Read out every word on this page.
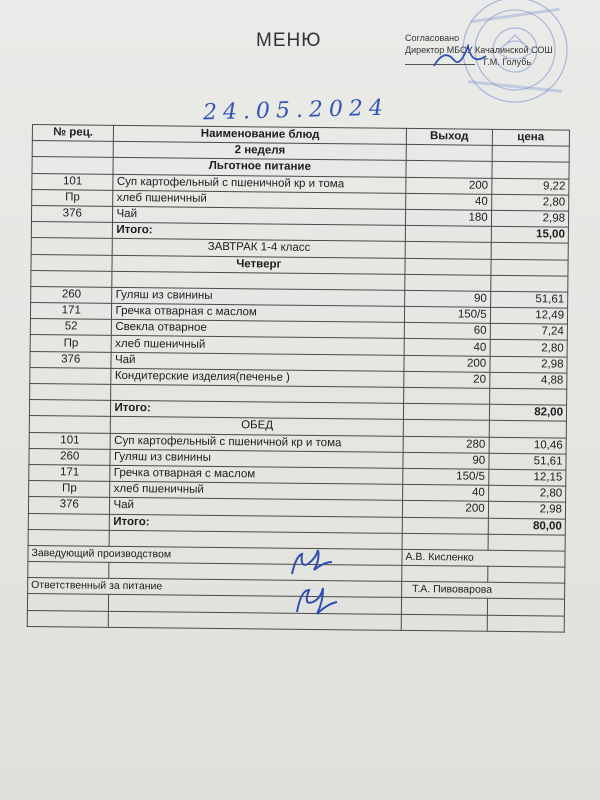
МЕНЮ	Согласовано
Директор МБОУ Качалинской СОШ
Г.М. Голубь
24.05.2024
№ рец.	Наименование блюд	Выход	цена
	2 неделя		
	Льготное питание		
101	Суп картофельный с пшеничной кр и тома	200	9,22
Пр	хлеб пшеничный	40	2,80
376	Чай	180	2,98
	Итого:		15,00
	ЗАВТРАК 1-4 класс		
	Четверг		

260	Гуляш из свинины	90	51,61
171	Гречка отварная с маслом	150/5	12,49
52	Свекла отварное	60	7,24
Пр	хлеб пшеничный	40	2,80
376	Чай	200	2,98
	Кондитерские изделия(печенье )	20	4,88

	Итого:		82,00
	ОБЕД		
101	Суп картофельный с пшеничной кр и тома	280	10,46
260	Гуляш из свинины	90	51,61
171	Гречка отварная с маслом	150/5	12,15
Пр	хлеб пшеничный	40	2,80
376	Чай	200	2,98
	Итого:		80,00

Заведующий производством		А.В. Кисленко	

Ответственный за питание		Т.А. Пивоварова	
